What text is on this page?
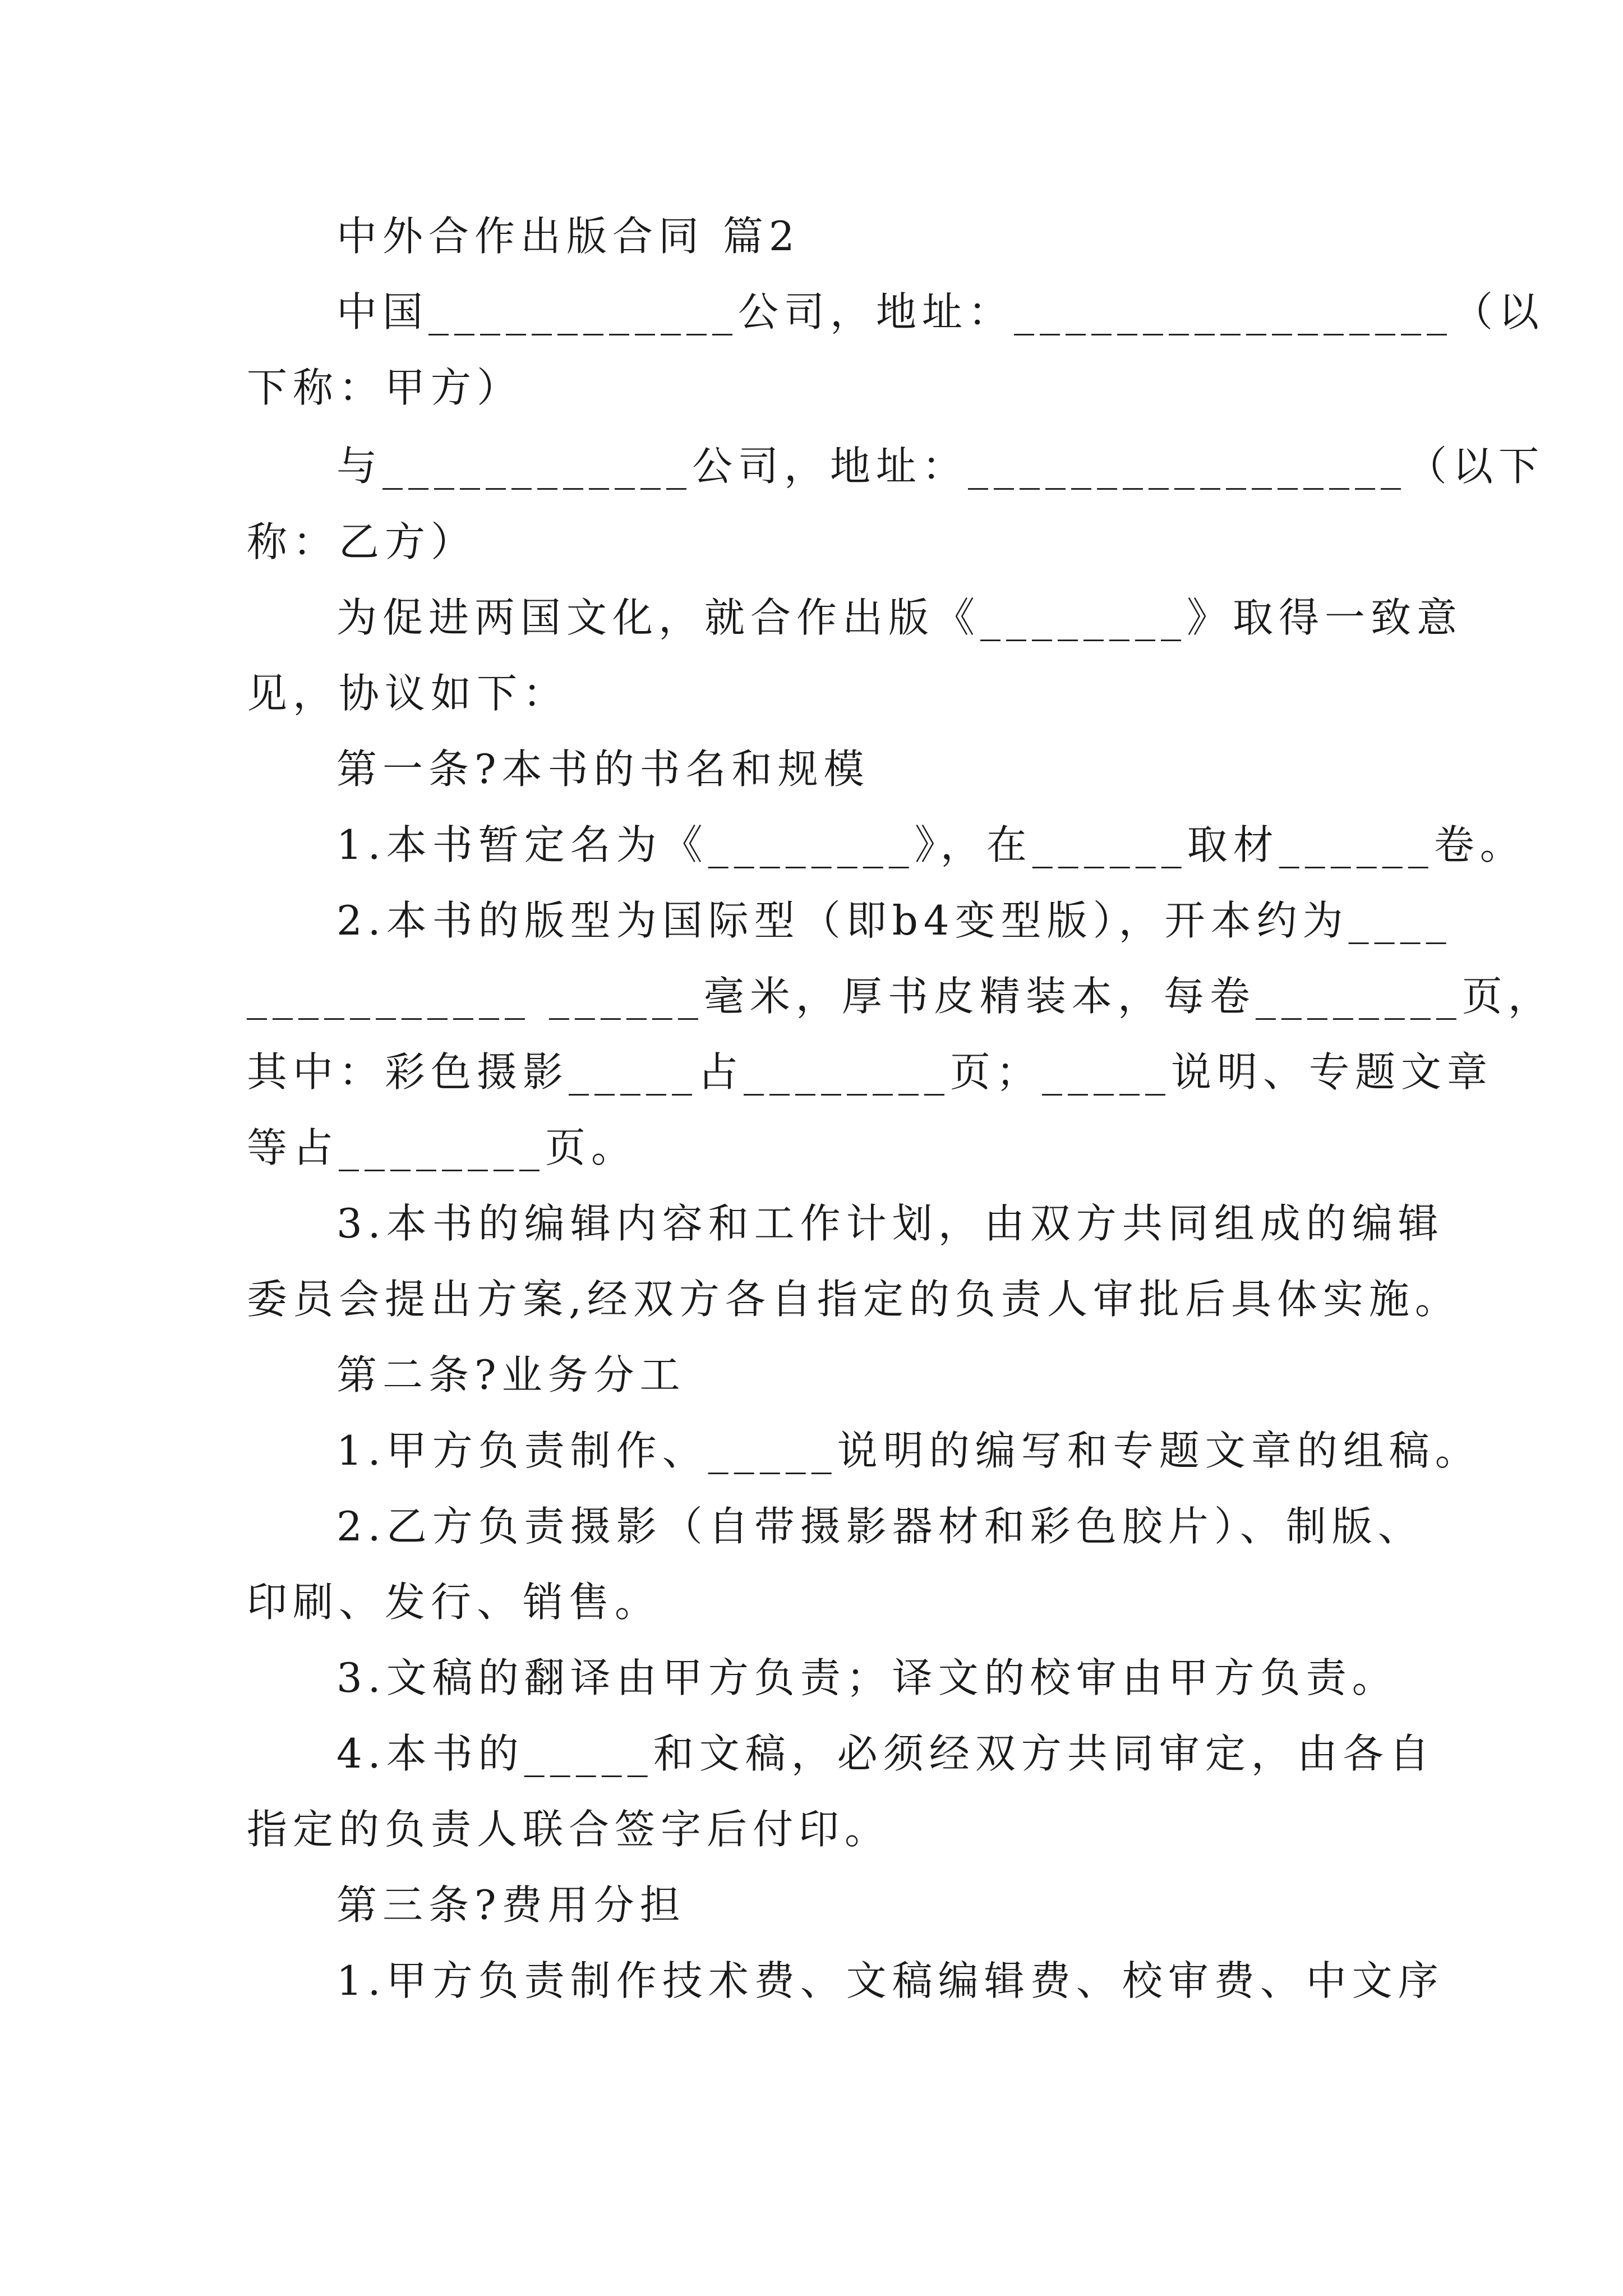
中外合作出版合同 篇2
中国____________公司，地址：_________________（以
下称：甲方）
与____________公司，地址：_________________（以下
称：乙方）
为促进两国文化，就合作出版《________》取得一致意
见，协议如下：
第一条?本书的书名和规模
1.本书暂定名为《________》，在______取材______卷。
2.本书的版型为国际型（即b4变型版），开本约为____
___________ ______毫米，厚书皮精装本，每卷________页，
其中：彩色摄影_____占________页；_____说明、专题文章
等占________页。
3.本书的编辑内容和工作计划，由双方共同组成的编辑
委员会提出方案,经双方各自指定的负责人审批后具体实施。
第二条?业务分工
1.甲方负责制作、_____说明的编写和专题文章的组稿。
2.乙方负责摄影（自带摄影器材和彩色胶片）、制版、
印刷、发行、销售。
3.文稿的翻译由甲方负责；译文的校审由甲方负责。
4.本书的_____和文稿，必须经双方共同审定，由各自
指定的负责人联合签字后付印。
第三条?费用分担
1.甲方负责制作技术费、文稿编辑费、校审费、中文序
